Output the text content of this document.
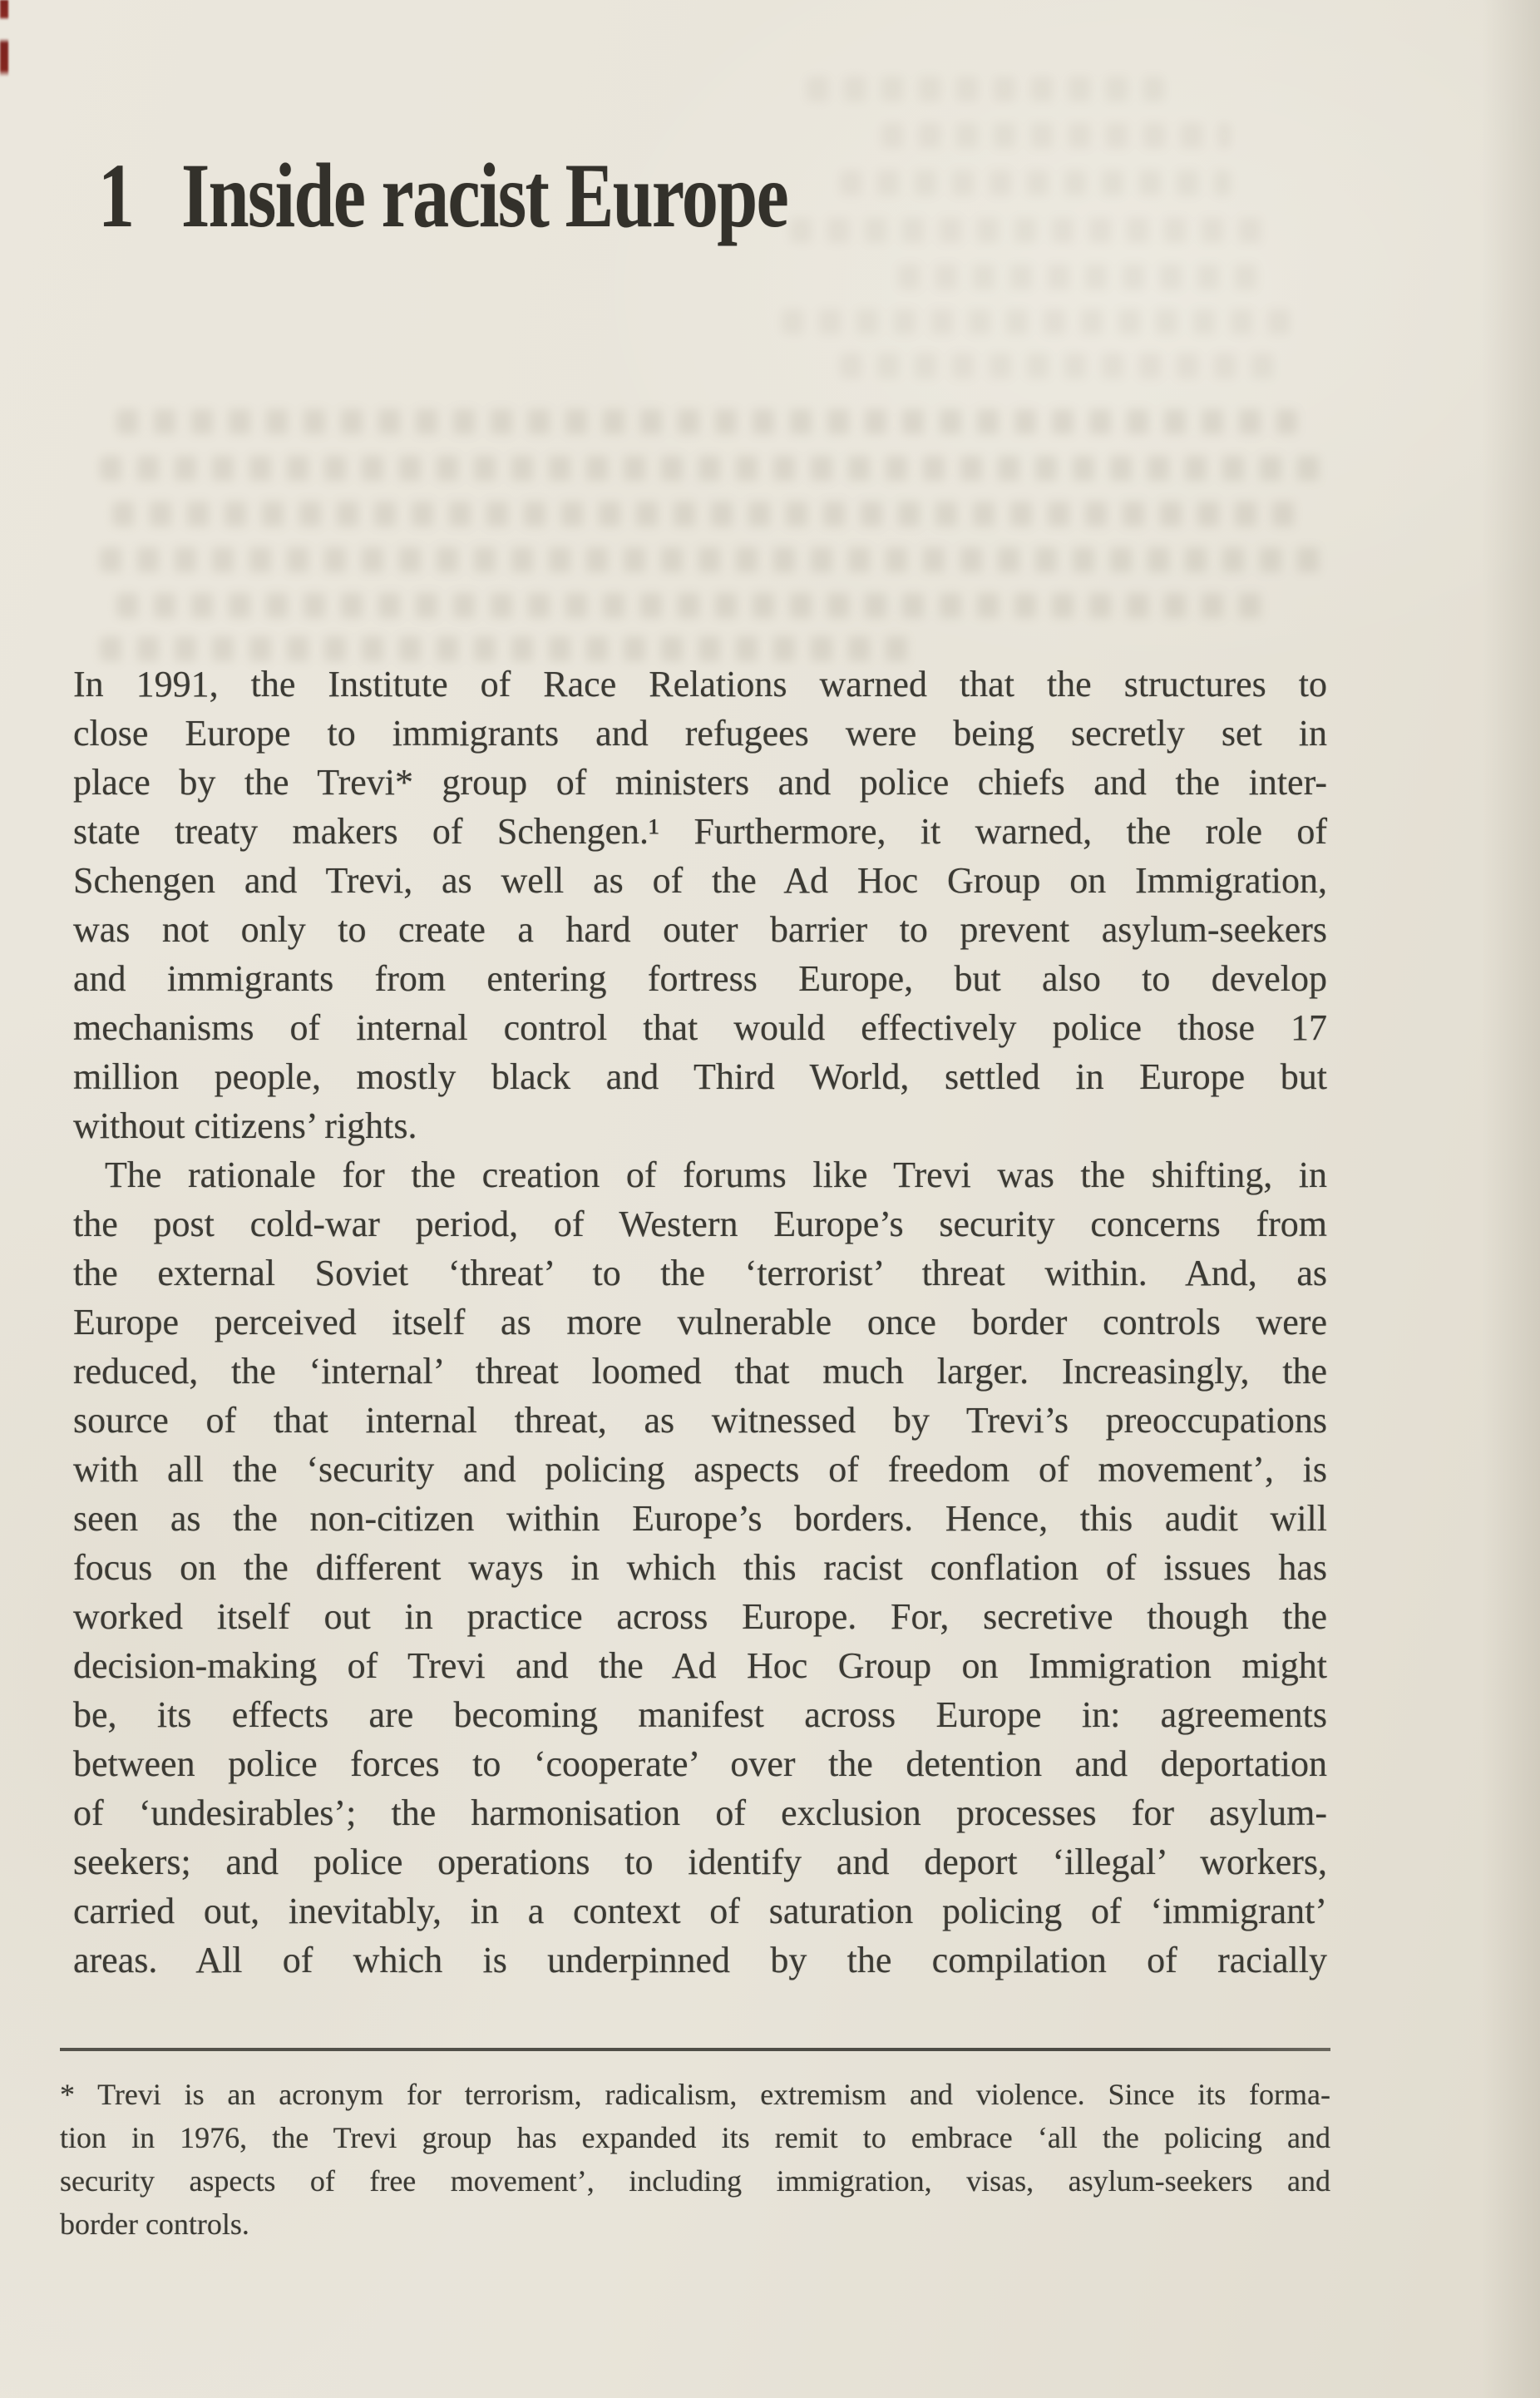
1 Inside racist Europe
In 1991, the Institute of Race Relations warned that the structures to
close Europe to immigrants and refugees were being secretly set in
place by the Trevi* group of ministers and police chiefs and the inter-
state treaty makers of Schengen.¹ Furthermore, it warned, the role of
Schengen and Trevi, as well as of the Ad Hoc Group on Immigration,
was not only to create a hard outer barrier to prevent asylum-seekers
and immigrants from entering fortress Europe, but also to develop
mechanisms of internal control that would effectively police those 17
million people, mostly black and Third World, settled in Europe but
without citizens’ rights.
The rationale for the creation of forums like Trevi was the shifting, in
the post cold-war period, of Western Europe’s security concerns from
the external Soviet ‘threat’ to the ‘terrorist’ threat within. And, as
Europe perceived itself as more vulnerable once border controls were
reduced, the ‘internal’ threat loomed that much larger. Increasingly, the
source of that internal threat, as witnessed by Trevi’s preoccupations
with all the ‘security and policing aspects of freedom of movement’, is
seen as the non-citizen within Europe’s borders. Hence, this audit will
focus on the different ways in which this racist conflation of issues has
worked itself out in practice across Europe. For, secretive though the
decision-making of Trevi and the Ad Hoc Group on Immigration might
be, its effects are becoming manifest across Europe in: agreements
between police forces to ‘cooperate’ over the detention and deportation
of ‘undesirables’; the harmonisation of exclusion processes for asylum-
seekers; and police operations to identify and deport ‘illegal’ workers,
carried out, inevitably, in a context of saturation policing of ‘immigrant’
areas. All of which is underpinned by the compilation of racially
* Trevi is an acronym for terrorism, radicalism, extremism and violence. Since its forma-
tion in 1976, the Trevi group has expanded its remit to embrace ‘all the policing and
security aspects of free movement’, including immigration, visas, asylum-seekers and
border controls.
